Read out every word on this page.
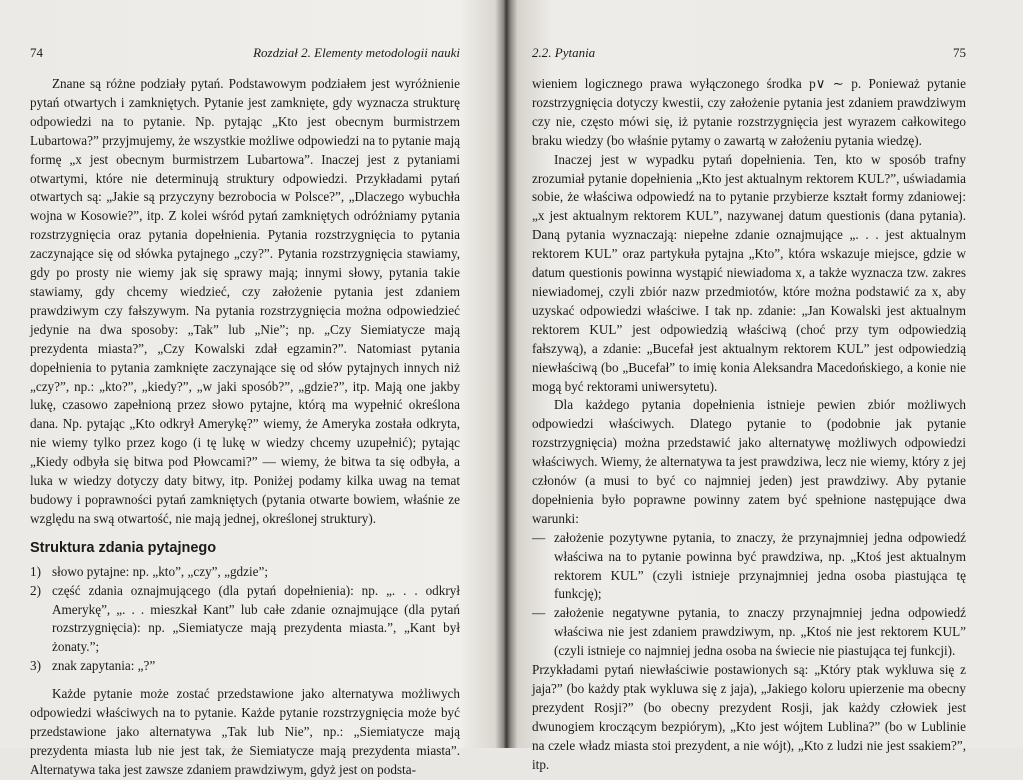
74	Rozdział 2. Elementy metodologii nauki

Znane są różne podziały pytań. Podstawowym podziałem jest wyróżnienie pytań otwartych i zamkniętych. Pytanie jest zamknięte, gdy wyznacza strukturę odpowiedzi na to pytanie. Np. pytając „Kto jest obecnym burmistrzem Lubartowa?” przyjmujemy, że wszystkie możliwe odpowiedzi na to pytanie mają formę „x jest obecnym burmistrzem Lubartowa”. Inaczej jest z pytaniami otwartymi, które nie determinują struktury odpowiedzi. Przykładami pytań otwartych są: „Jakie są przyczyny bezrobocia w Polsce?”, „Dlaczego wybuchła wojna w Kosowie?”, itp. Z kolei wśród pytań zamkniętych odróżniamy pytania rozstrzygnięcia oraz pytania dopełnienia. Pytania rozstrzygnięcia to pytania zaczynające się od słówka pytajnego „czy?”. Pytania rozstrzygnięcia stawiamy, gdy po prosty nie wiemy jak się sprawy mają; innymi słowy, pytania takie stawiamy, gdy chcemy wiedzieć, czy założenie pytania jest zdaniem prawdziwym czy fałszywym. Na pytania rozstrzygnięcia można odpowiedzieć jedynie na dwa sposoby: „Tak” lub „Nie”; np. „Czy Siemiatycze mają prezydenta miasta?”, „Czy Kowalski zdał egzamin?”. Natomiast pytania dopełnienia to pytania zamknięte zaczynające się od słów pytajnych innych niż „czy?”, np.: „kto?”, „kiedy?”, „w jaki sposób?”, „gdzie?”, itp. Mają one jakby lukę, czasowo zapełnioną przez słowo pytajne, którą ma wypełnić określona dana. Np. pytając „Kto odkrył Amerykę?” wiemy, że Ameryka została odkryta, nie wiemy tylko przez kogo (i tę lukę w wiedzy chcemy uzupełnić); pytając „Kiedy odbyła się bitwa pod Płowcami?” — wiemy, że bitwa ta się odbyła, a luka w wiedzy dotyczy daty bitwy, itp. Poniżej podamy kilka uwag na temat budowy i poprawności pytań zamkniętych (pytania otwarte bowiem, właśnie ze względu na swą otwartość, nie mają jednej, określonej struktury).

Struktura zdania pytajnego
1) słowo pytajne: np. „kto”, „czy”, „gdzie”;
2) część zdania oznajmującego (dla pytań dopełnienia): np. „. . . odkrył Amerykę”, „. . . mieszkał Kant” lub całe zdanie oznajmujące (dla pytań rozstrzygnięcia): np. „Siemiatycze mają prezydenta miasta.”, „Kant był żonaty.”;
3) znak zapytania: „?”

Każde pytanie może zostać przedstawione jako alternatywa możliwych odpowiedzi właściwych na to pytanie. Każde pytanie rozstrzygnięcia może być przedstawione jako alternatywa „Tak lub Nie”, np.: „Siemiatycze mają prezydenta miasta lub nie jest tak, że Siemiatycze mają prezydenta miasta”. Alternatywa taka jest zawsze zdaniem prawdziwym, gdyż jest on podsta-

2.2. Pytania	75

wieniem logicznego prawa wyłączonego środka p∨ ∼ p. Ponieważ pytanie rozstrzygnięcia dotyczy kwestii, czy założenie pytania jest zdaniem prawdziwym czy nie, często mówi się, iż pytanie rozstrzygnięcia jest wyrazem całkowitego braku wiedzy (bo właśnie pytamy o zawartą w założeniu pytania wiedzę).

Inaczej jest w wypadku pytań dopełnienia. Ten, kto w sposób trafny zrozumiał pytanie dopełnienia „Kto jest aktualnym rektorem KUL?”, uświadamia sobie, że właściwa odpowiedź na to pytanie przybierze kształt formy zdaniowej: „x jest aktualnym rektorem KUL”, nazywanej datum questionis (dana pytania). Daną pytania wyznaczają: niepełne zdanie oznajmujące „. . . jest aktualnym rektorem KUL” oraz partykuła pytajna „Kto”, która wskazuje miejsce, gdzie w datum questionis powinna wystąpić niewiadoma x, a także wyznacza tzw. zakres niewiadomej, czyli zbiór nazw przedmiotów, które można podstawić za x, aby uzyskać odpowiedzi właściwe. I tak np. zdanie: „Jan Kowalski jest aktualnym rektorem KUL” jest odpowiedzią właściwą (choć przy tym odpowiedzią fałszywą), a zdanie: „Bucefał jest aktualnym rektorem KUL” jest odpowiedzią niewłaściwą (bo „Bucefał” to imię konia Aleksandra Macedońskiego, a konie nie mogą być rektorami uniwersytetu).

Dla każdego pytania dopełnienia istnieje pewien zbiór możliwych odpowiedzi właściwych. Dlatego pytanie to (podobnie jak pytanie rozstrzygnięcia) można przedstawić jako alternatywę możliwych odpowiedzi właściwych. Wiemy, że alternatywa ta jest prawdziwa, lecz nie wiemy, który z jej członów (a musi to być co najmniej jeden) jest prawdziwy. Aby pytanie dopełnienia było poprawne powinny zatem być spełnione następujące dwa warunki:

— założenie pozytywne pytania, to znaczy, że przynajmniej jedna odpowiedź właściwa na to pytanie powinna być prawdziwa, np. „Ktoś jest aktualnym rektorem KUL” (czyli istnieje przynajmniej jedna osoba piastująca tę funkcję);
— założenie negatywne pytania, to znaczy przynajmniej jedna odpowiedź właściwa nie jest zdaniem prawdziwym, np. „Ktoś nie jest rektorem KUL” (czyli istnieje co najmniej jedna osoba na świecie nie piastująca tej funkcji).

Przykładami pytań niewłaściwie postawionych są: „Który ptak wykluwa się z jaja?” (bo każdy ptak wykluwa się z jaja), „Jakiego koloru upierzenie ma obecny prezydent Rosji?” (bo obecny prezydent Rosji, jak każdy człowiek jest dwunogiem kroczącym bezpiórym), „Kto jest wójtem Lublina?” (bo w Lublinie na czele władz miasta stoi prezydent, a nie wójt), „Kto z ludzi nie jest ssakiem?”, itp.
